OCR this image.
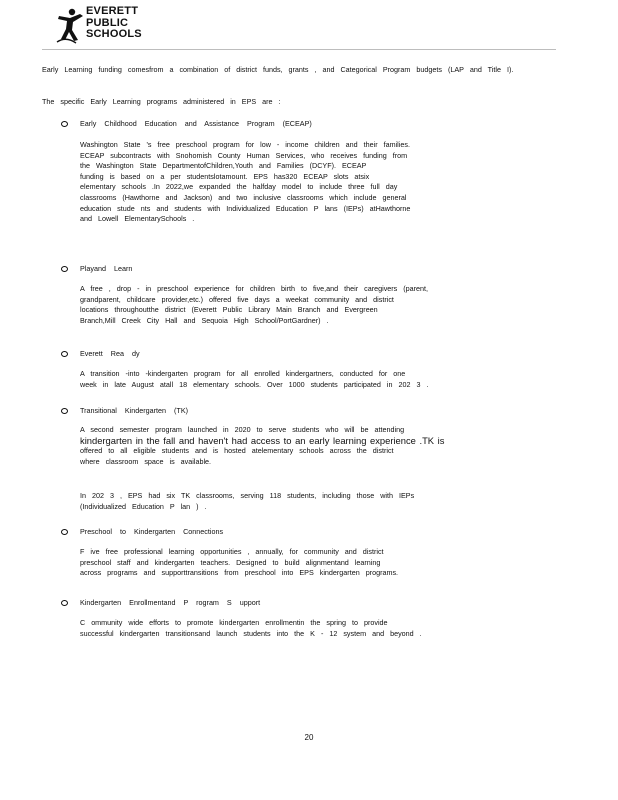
EVERETT
PUBLIC
SCHOOLS
Early Learning funding comesfrom a combination of district funds, grants , and Categorical Program budgets (LAP and Title I).
The specific Early Learning programs administered in EPS are :
Early Childhood Education and Assistance Program (ECEAP)
Washington State 's free preschool program for low - income children and their families.
ECEAP subcontracts with Snohomish County Human Services, who receives funding from
the Washington State DepartmentofChildren,Youth and Families (DCYF). ECEAP
funding is based on a per studentslotamount. EPS has320 ECEAP slots atsix
elementary schools .In 2022,we expanded the halfday model to include three full day
classrooms (Hawthorne and Jackson) and two inclusive classrooms which include general
education stude nts and students with Individualized Education P lans (IEPs) atHawthorne
and Lowell ElementarySchools .
Playand Learn
A free , drop - in preschool experience for children birth to five,and their caregivers (parent,
grandparent, childcare provider,etc.) offered five days a weekat community and district
locations throughoutthe district (Everett Public Library Main Branch and Evergreen
Branch,Mill Creek City Hall and Sequoia High School/PortGardner) .
Everett Rea dy
A transition -into -kindergarten program for all enrolled kindergartners, conducted for one
week in late August atall 18 elementary schools. Over 1000 students participated in 202 3 .
Transitional Kindergarten (TK)
A second semester program launched in 2020 to serve students who will be attending
kindergarten in the fall and haven't had access to an early learning experience .TK is
offered to all eligible students and is hosted atelementary schools across the district
where classroom space is available.
In 202 3 , EPS had six TK classrooms, serving 118 students, including those with IEPs
(Individualized Education P lan ) .
Preschool to Kindergarten Connections
F ive free professional learning opportunities , annually, for community and district
preschool staff and kindergarten teachers. Designed to build alignmentand learning
across programs and supporttransitions from preschool into EPS kindergarten programs.
Kindergarten Enrollmentand P rogram S upport
C ommunity wide efforts to promote kindergarten enrollmentin the spring to provide
successful kindergarten transitionsand launch students into the K - 12 system and beyond .
20
